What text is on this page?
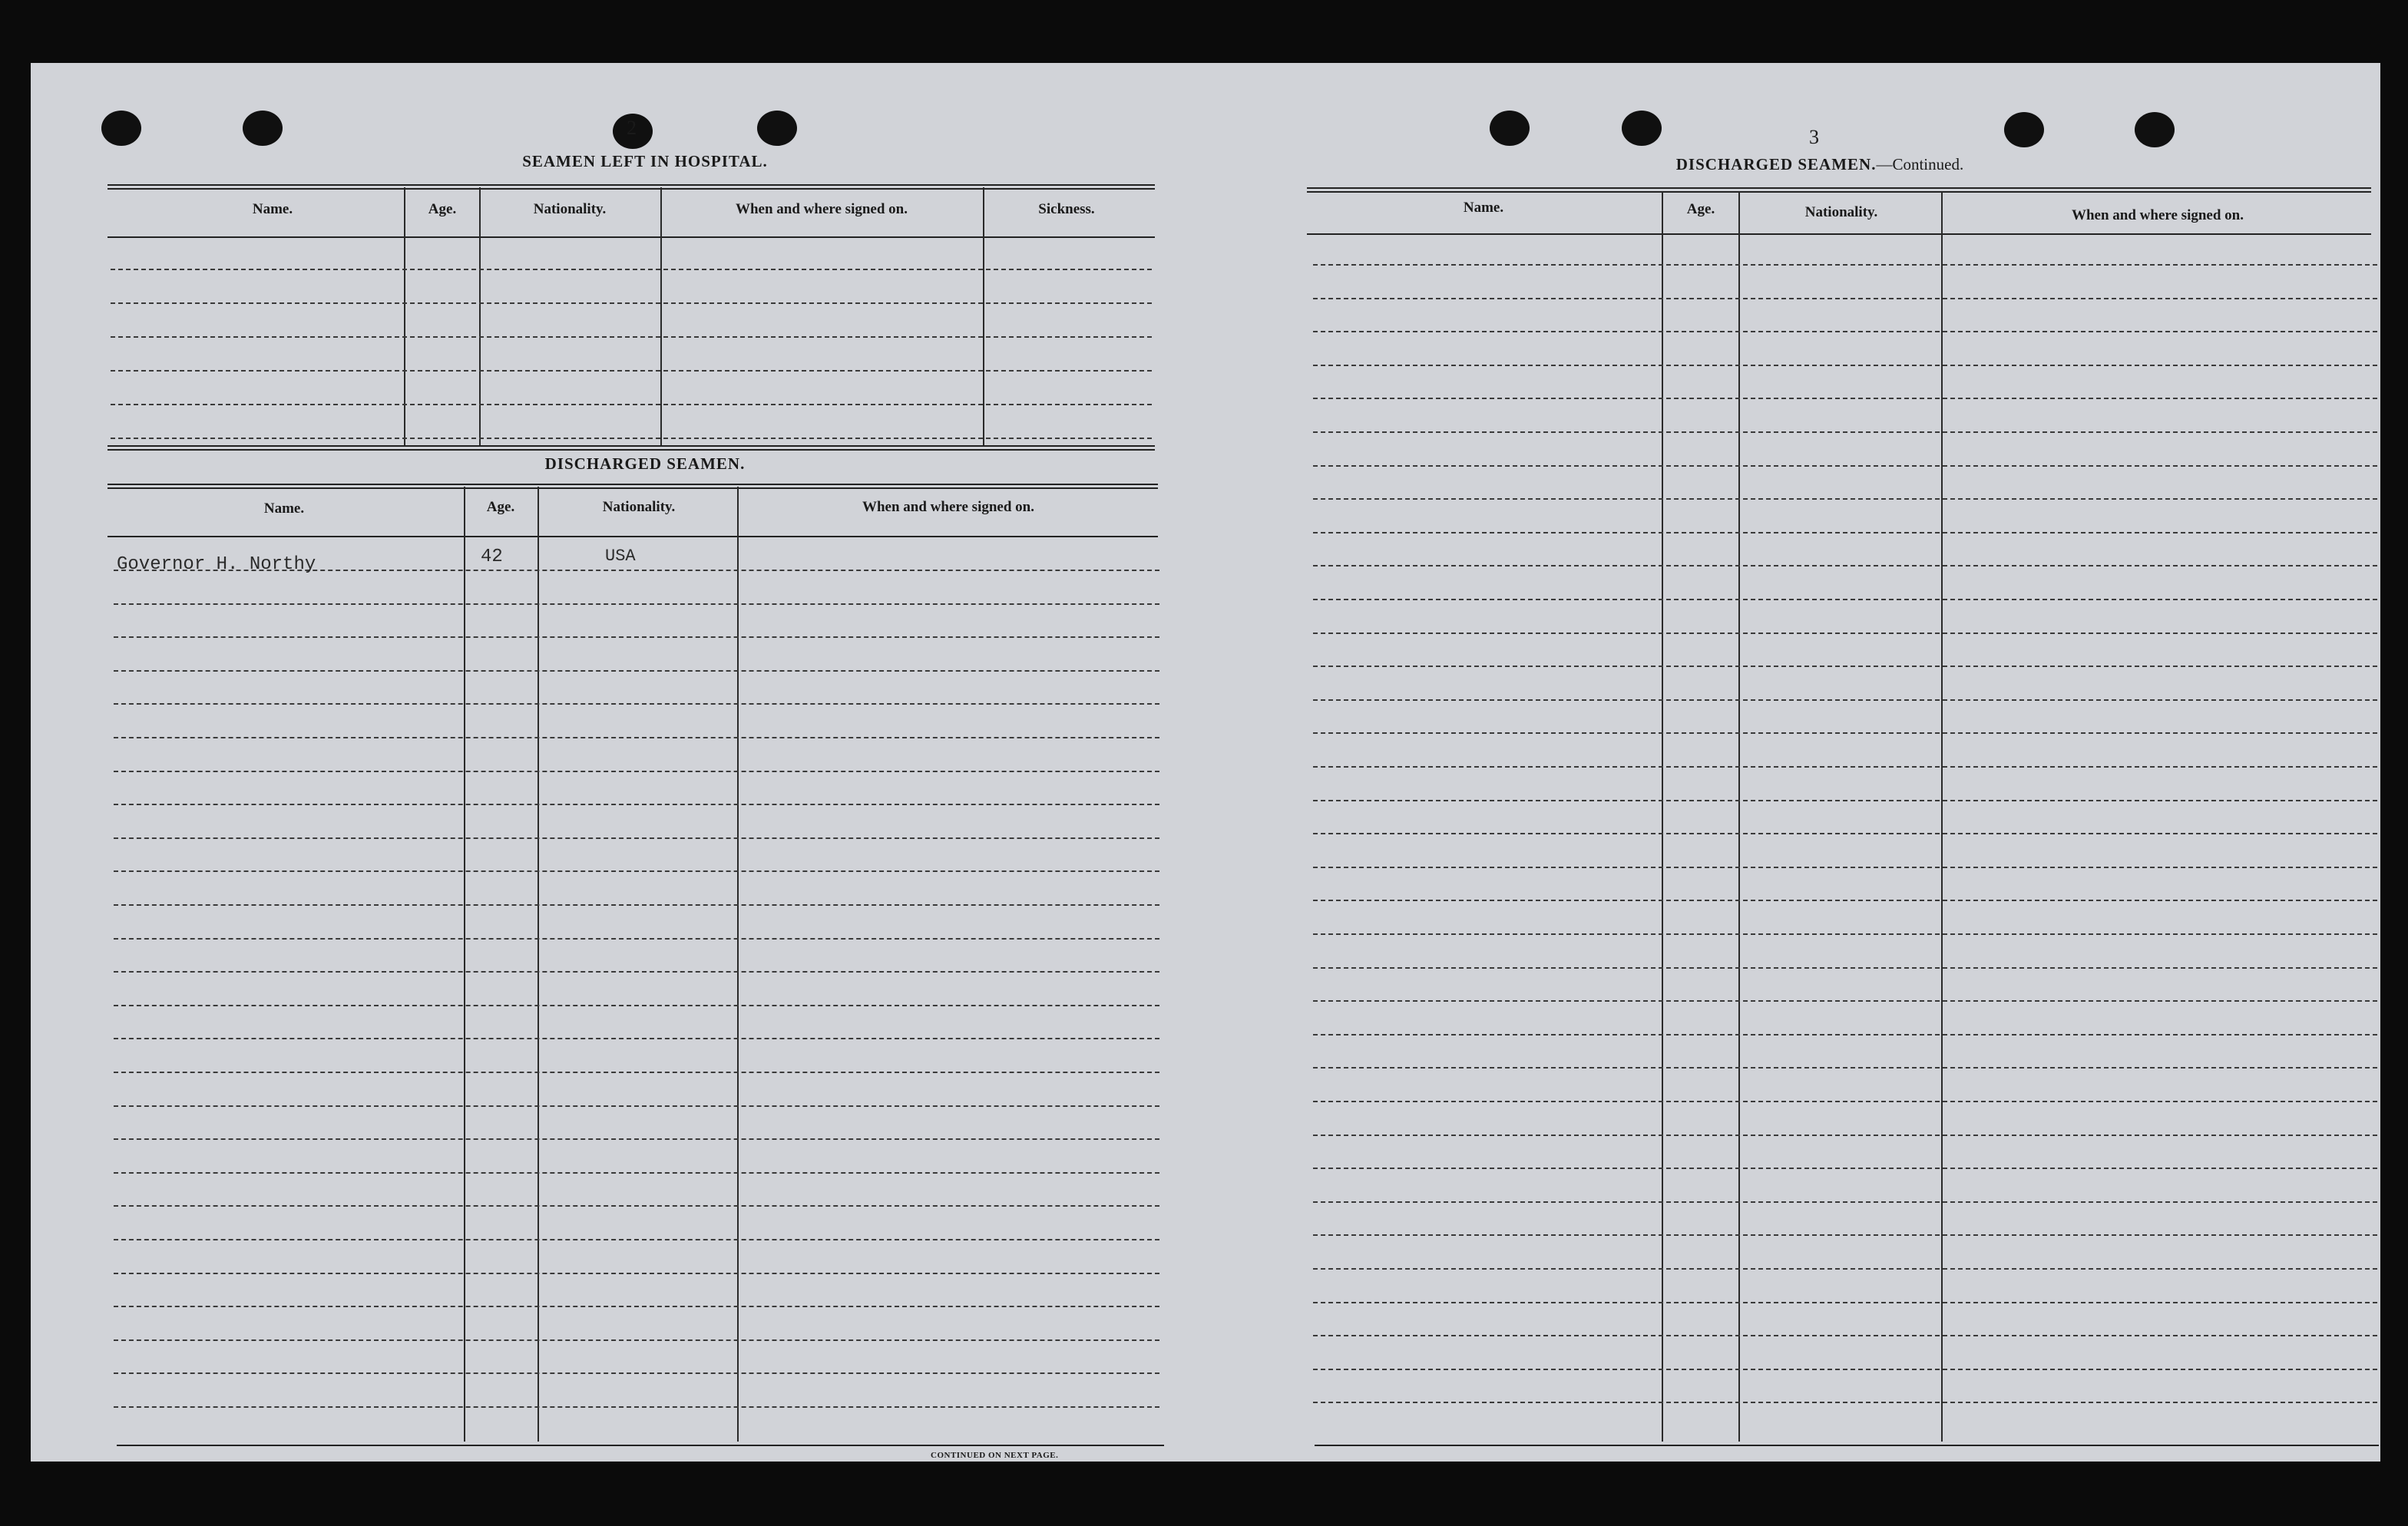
2
SEAMEN LEFT IN HOSPITAL.
Name.	Age.	Nationality.	When and where signed on.	Sickness.
DISCHARGED SEAMEN.
Name.	Age.	Nationality.	When and where signed on.
Governor H. Northy	42	USA
CONTINUED ON NEXT PAGE.
3
DISCHARGED SEAMEN.—Continued.
Name.	Age.	Nationality.	When and where signed on.
